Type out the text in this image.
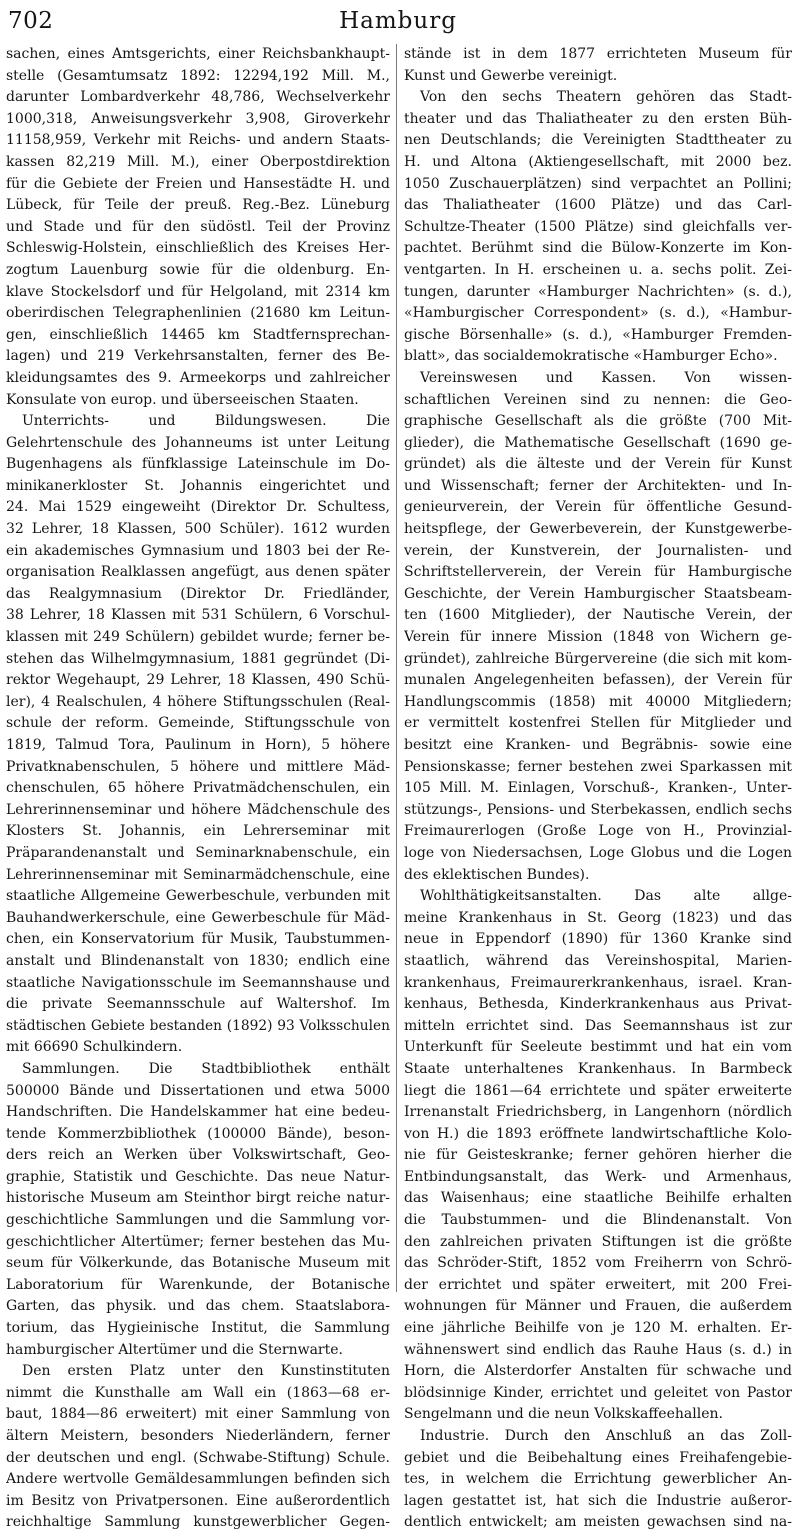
702	Hamburg
sachen, eines Amtsgerichts, einer Reichsbankhaupt-
stelle (Gesamtumsatz 1892: 12294,192 Mill. M.,
darunter Lombardverkehr 48,786, Wechselverkehr
1000,318, Anweisungsverkehr 3,908, Giroverkehr
11158,959, Verkehr mit Reichs- und andern Staats-
kassen 82,219 Mill. M.), einer Oberpostdirektion
für die Gebiete der Freien und Hansestädte H. und
Lübeck, für Teile der preuß. Reg.-Bez. Lüneburg
und Stade und für den südöstl. Teil der Provinz
Schleswig-Holstein, einschließlich des Kreises Her-
zogtum Lauenburg sowie für die oldenburg. En-
klave Stockelsdorf und für Helgoland, mit 2314 km
oberirdischen Telegraphenlinien (21680 km Leitun-
gen, einschließlich 14465 km Stadtfernsprechan-
lagen) und 219 Verkehrsanstalten, ferner des Be-
kleidungsamtes des 9. Armeekorps und zahlreicher
Konsulate von europ. und überseeischen Staaten.
Unterrichts- und Bildungswesen. Die
Gelehrtenschule des Johanneums ist unter Leitung
Bugenhagens als fünfklassige Lateinschule im Do-
minikanerkloster St. Johannis eingerichtet und
24. Mai 1529 eingeweiht (Direktor Dr. Schultess,
32 Lehrer, 18 Klassen, 500 Schüler). 1612 wurden
ein akademisches Gymnasium und 1803 bei der Re-
organisation Realklassen angefügt, aus denen später
das Realgymnasium (Direktor Dr. Friedländer,
38 Lehrer, 18 Klassen mit 531 Schülern, 6 Vorschul-
klassen mit 249 Schülern) gebildet wurde; ferner be-
stehen das Wilhelmgymnasium, 1881 gegründet (Di-
rektor Wegehaupt, 29 Lehrer, 18 Klassen, 490 Schü-
ler), 4 Realschulen, 4 höhere Stiftungsschulen (Real-
schule der reform. Gemeinde, Stiftungsschule von
1819, Talmud Tora, Paulinum in Horn), 5 höhere
Privatknabenschulen, 5 höhere und mittlere Mäd-
chenschulen, 65 höhere Privatmädchenschulen, ein
Lehrerinnenseminar und höhere Mädchenschule des
Klosters St. Johannis, ein Lehrerseminar mit
Präparandenanstalt und Seminarknabenschule, ein
Lehrerinnenseminar mit Seminarmädchenschule, eine
staatliche Allgemeine Gewerbeschule, verbunden mit
Bauhandwerkerschule, eine Gewerbeschule für Mäd-
chen, ein Konservatorium für Musik, Taubstummen-
anstalt und Blindenanstalt von 1830; endlich eine
staatliche Navigationsschule im Seemannshause und
die private Seemannsschule auf Waltershof. Im
städtischen Gebiete bestanden (1892) 93 Volksschulen
mit 66690 Schulkindern.
Sammlungen. Die Stadtbibliothek enthält
500000 Bände und Dissertationen und etwa 5000
Handschriften. Die Handelskammer hat eine bedeu-
tende Kommerzbibliothek (100000 Bände), beson-
ders reich an Werken über Volkswirtschaft, Geo-
graphie, Statistik und Geschichte. Das neue Natur-
historische Museum am Steinthor birgt reiche natur-
geschichtliche Sammlungen und die Sammlung vor-
geschichtlicher Altertümer; ferner bestehen das Mu-
seum für Völkerkunde, das Botanische Museum mit
Laboratorium für Warenkunde, der Botanische
Garten, das physik. und das chem. Staatslabora-
torium, das Hygieinische Institut, die Sammlung
hamburgischer Altertümer und die Sternwarte.
Den ersten Platz unter den Kunstinstituten
nimmt die Kunsthalle am Wall ein (1863—68 er-
baut, 1884—86 erweitert) mit einer Sammlung von
ältern Meistern, besonders Niederländern, ferner
der deutschen und engl. (Schwabe-Stiftung) Schule.
Andere wertvolle Gemäldesammlungen befinden sich
im Besitz von Privatpersonen. Eine außerordentlich
reichhaltige Sammlung kunstgewerblicher Gegen-
stände ist in dem 1877 errichteten Museum für
Kunst und Gewerbe vereinigt.
Von den sechs Theatern gehören das Stadt-
theater und das Thaliatheater zu den ersten Büh-
nen Deutschlands; die Vereinigten Stadttheater zu
H. und Altona (Aktiengesellschaft, mit 2000 bez.
1050 Zuschauerplätzen) sind verpachtet an Pollini;
das Thaliatheater (1600 Plätze) und das Carl-
Schultze-Theater (1500 Plätze) sind gleichfalls ver-
pachtet. Berühmt sind die Bülow-Konzerte im Kon-
ventgarten. In H. erscheinen u. a. sechs polit. Zei-
tungen, darunter «Hamburger Nachrichten» (s. d.),
«Hamburgischer Correspondent» (s. d.), «Hambur-
gische Börsenhalle» (s. d.), «Hamburger Fremden-
blatt», das socialdemokratische «Hamburger Echo».
Vereinswesen und Kassen. Von wissen-
schaftlichen Vereinen sind zu nennen: die Geo-
graphische Gesellschaft als die größte (700 Mit-
glieder), die Mathematische Gesellschaft (1690 ge-
gründet) als die älteste und der Verein für Kunst
und Wissenschaft; ferner der Architekten- und In-
genieurverein, der Verein für öffentliche Gesund-
heitspflege, der Gewerbeverein, der Kunstgewerbe-
verein, der Kunstverein, der Journalisten- und
Schriftstellerverein, der Verein für Hamburgische
Geschichte, der Verein Hamburgischer Staatsbeam-
ten (1600 Mitglieder), der Nautische Verein, der
Verein für innere Mission (1848 von Wichern ge-
gründet), zahlreiche Bürgervereine (die sich mit kom-
munalen Angelegenheiten befassen), der Verein für
Handlungscommis (1858) mit 40000 Mitgliedern;
er vermittelt kostenfrei Stellen für Mitglieder und
besitzt eine Kranken- und Begräbnis- sowie eine
Pensionskasse; ferner bestehen zwei Sparkassen mit
105 Mill. M. Einlagen, Vorschuß-, Kranken-, Unter-
stützungs-, Pensions- und Sterbekassen, endlich sechs
Freimaurerlogen (Große Loge von H., Provinzial-
loge von Niedersachsen, Loge Globus und die Logen
des eklektischen Bundes).
Wohlthätigkeitsanstalten. Das alte allge-
meine Krankenhaus in St. Georg (1823) und das
neue in Eppendorf (1890) für 1360 Kranke sind
staatlich, während das Vereinshospital, Marien-
krankenhaus, Freimaurerkrankenhaus, israel. Kran-
kenhaus, Bethesda, Kinderkrankenhaus aus Privat-
mitteln errichtet sind. Das Seemannshaus ist zur
Unterkunft für Seeleute bestimmt und hat ein vom
Staate unterhaltenes Krankenhaus. In Barmbeck
liegt die 1861—64 errichtete und später erweiterte
Irrenanstalt Friedrichsberg, in Langenhorn (nördlich
von H.) die 1893 eröffnete landwirtschaftliche Kolo-
nie für Geisteskranke; ferner gehören hierher die
Entbindungsanstalt, das Werk- und Armenhaus,
das Waisenhaus; eine staatliche Beihilfe erhalten
die Taubstummen- und die Blindenanstalt. Von
den zahlreichen privaten Stiftungen ist die größte
das Schröder-Stift, 1852 vom Freiherrn von Schrö-
der errichtet und später erweitert, mit 200 Frei-
wohnungen für Männer und Frauen, die außerdem
eine jährliche Beihilfe von je 120 M. erhalten. Er-
wähnenswert sind endlich das Rauhe Haus (s. d.) in
Horn, die Alsterdorfer Anstalten für schwache und
blödsinnige Kinder, errichtet und geleitet von Pastor
Sengelmann und die neun Volkskaffeehallen.
Industrie. Durch den Anschluß an das Zoll-
gebiet und die Beibehaltung eines Freihafengebie-
tes, in welchem die Errichtung gewerblicher An-
lagen gestattet ist, hat sich die Industrie außeror-
dentlich entwickelt; am meisten gewachsen sind na-
